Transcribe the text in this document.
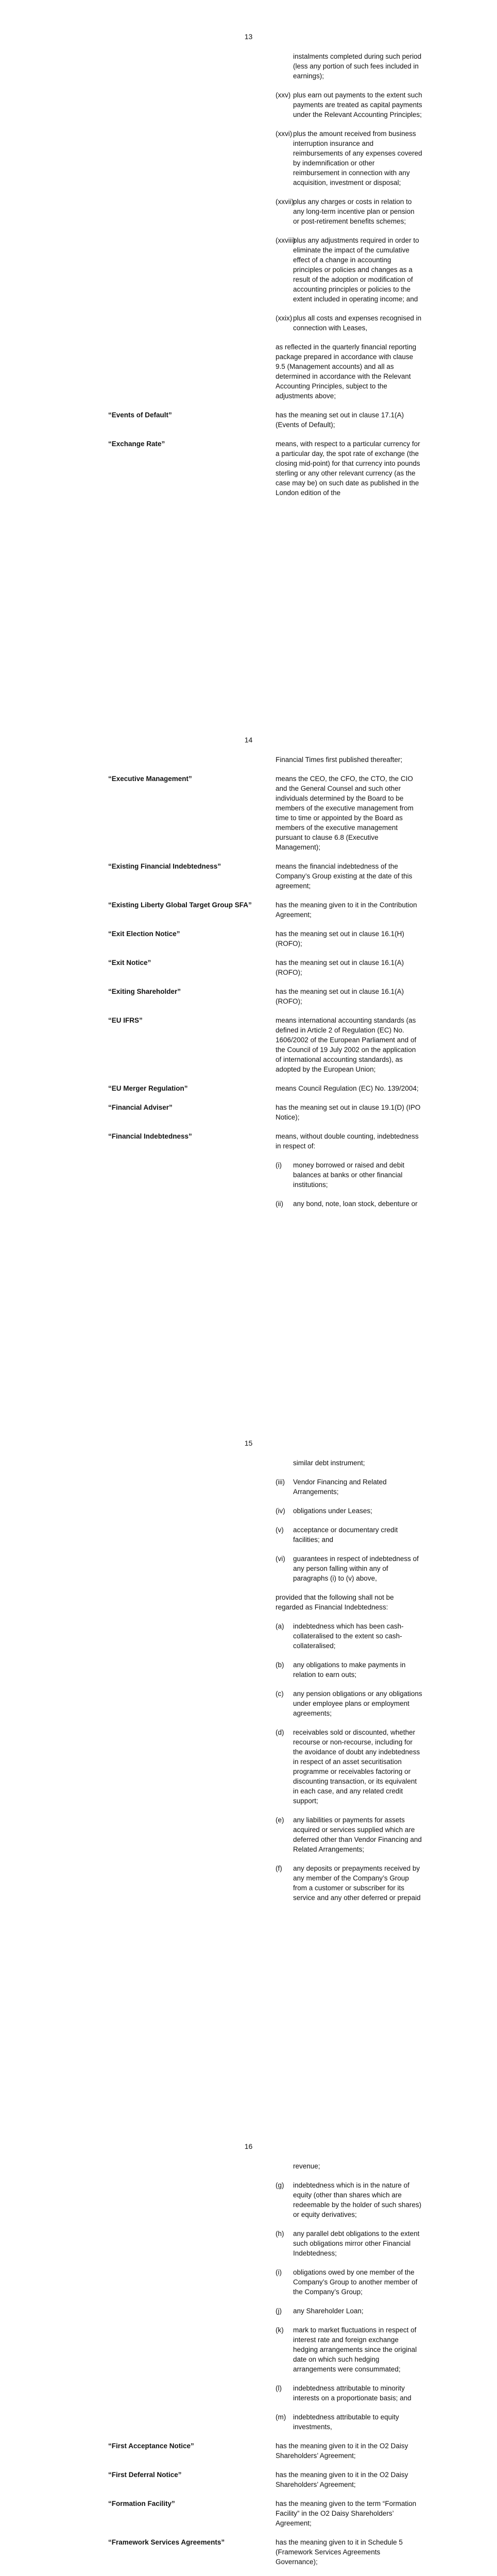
13
instalments completed during such period (less any portion of such fees included in earnings);
(xxv) plus earn out payments to the extent such payments are treated as capital payments under the Relevant Accounting Principles;
(xxvi) plus the amount received from business interruption insurance and reimbursements of any expenses covered by indemnification or other reimbursement in connection with any acquisition, investment or disposal;
(xxvii)
plus any charges or costs in relation to any long-term incentive plan or pension or post-retirement benefits schemes;
(xxviii)
plus any adjustments required in order to eliminate the impact of the cumulative effect of a change in accounting principles or policies and changes as a result of the adoption or modification of accounting principles or policies to the extent included in operating income; and
(xxix) plus all costs and expenses recognised in connection with Leases,
as reflected in the quarterly financial reporting package prepared in accordance with clause 9.5 (Management accounts) and all as determined in accordance with the Relevant Accounting Principles, subject to the adjustments above;
“Events of Default”	has the meaning set out in clause 17.1(A) (Events of Default);
“Exchange Rate”	means, with respect to a particular currency for a particular day, the spot rate of exchange (the closing mid-point) for that currency into pounds sterling or any other relevant currency (as the case may be) on such date as published in the London edition of the
14
Financial Times first published thereafter;
“Executive Management”	means the CEO, the CFO, the CTO, the CIO and the General Counsel and such other individuals determined by the Board to be members of the executive management from time to time or appointed by the Board as members of the executive management pursuant to clause 6.8 (Executive Management);
“Existing Financial Indebtedness”	means the financial indebtedness of the Company’s Group existing at the date of this agreement;
“Existing Liberty Global Target Group SFA”	has the meaning given to it in the Contribution Agreement;
“Exit Election Notice”	has the meaning set out in clause 16.1(H) (ROFO);
“Exit Notice”	has the meaning set out in clause 16.1(A) (ROFO);
“Exiting Shareholder”	has the meaning set out in clause 16.1(A) (ROFO);
“EU IFRS”	means international accounting standards (as defined in Article 2 of Regulation (EC) No. 1606/2002 of the European Parliament and of the Council of 19 July 2002 on the application of international accounting standards), as adopted by the European Union;
“EU Merger Regulation”	means Council Regulation (EC) No. 139/2004;
“Financial Adviser”	has the meaning set out in clause 19.1(D) (IPO Notice);
“Financial Indebtedness”	means, without double counting, indebtedness in respect of:
(i)	money borrowed or raised and debit balances at banks or other financial institutions;
(ii)	any bond, note, loan stock, debenture or
15
similar debt instrument;
(iii)	Vendor Financing and Related Arrangements;
(iv)	obligations under Leases;
(v)	acceptance or documentary credit facilities; and
(vi)	guarantees in respect of indebtedness of any person falling within any of paragraphs (i) to (v) above,
provided that the following shall not be regarded as Financial Indebtedness:
(a)	indebtedness which has been cash-collateralised to the extent so cash-collateralised;
(b)	any obligations to make payments in relation to earn outs;
(c)	any pension obligations or any obligations under employee plans or employment agreements;
(d)	receivables sold or discounted, whether recourse or non-recourse, including for the avoidance of doubt any indebtedness in respect of an asset securitisation programme or receivables factoring or discounting transaction, or its equivalent in each case, and any related credit support;
(e)	any liabilities or payments for assets acquired or services supplied which are deferred other than Vendor Financing and Related Arrangements;
(f)	any deposits or prepayments received by any member of the Company’s Group from a customer or subscriber for its service and any other deferred or prepaid
16
revenue;
(g)	indebtedness which is in the nature of equity (other than shares which are redeemable by the holder of such shares) or equity derivatives;
(h)	any parallel debt obligations to the extent such obligations mirror other Financial Indebtedness;
(i)	obligations owed by one member of the Company’s Group to another member of the Company’s Group;
(j)	any Shareholder Loan;
(k)	mark to market fluctuations in respect of interest rate and foreign exchange hedging arrangements since the original date on which such hedging arrangements were consummated;
(l)	indebtedness attributable to minority interests on a proportionate basis; and
(m)	indebtedness attributable to equity investments,
“First Acceptance Notice”	has the meaning given to it in the O2 Daisy Shareholders’ Agreement;
“First Deferral Notice”	has the meaning given to it in the O2 Daisy Shareholders’ Agreement;
“Formation Facility”	has the meaning given to the term “Formation Facility” in the O2 Daisy Shareholders’ Agreement;
“Framework Services Agreements”	has the meaning given to it in Schedule 5 (Framework Services Agreements Governance);
